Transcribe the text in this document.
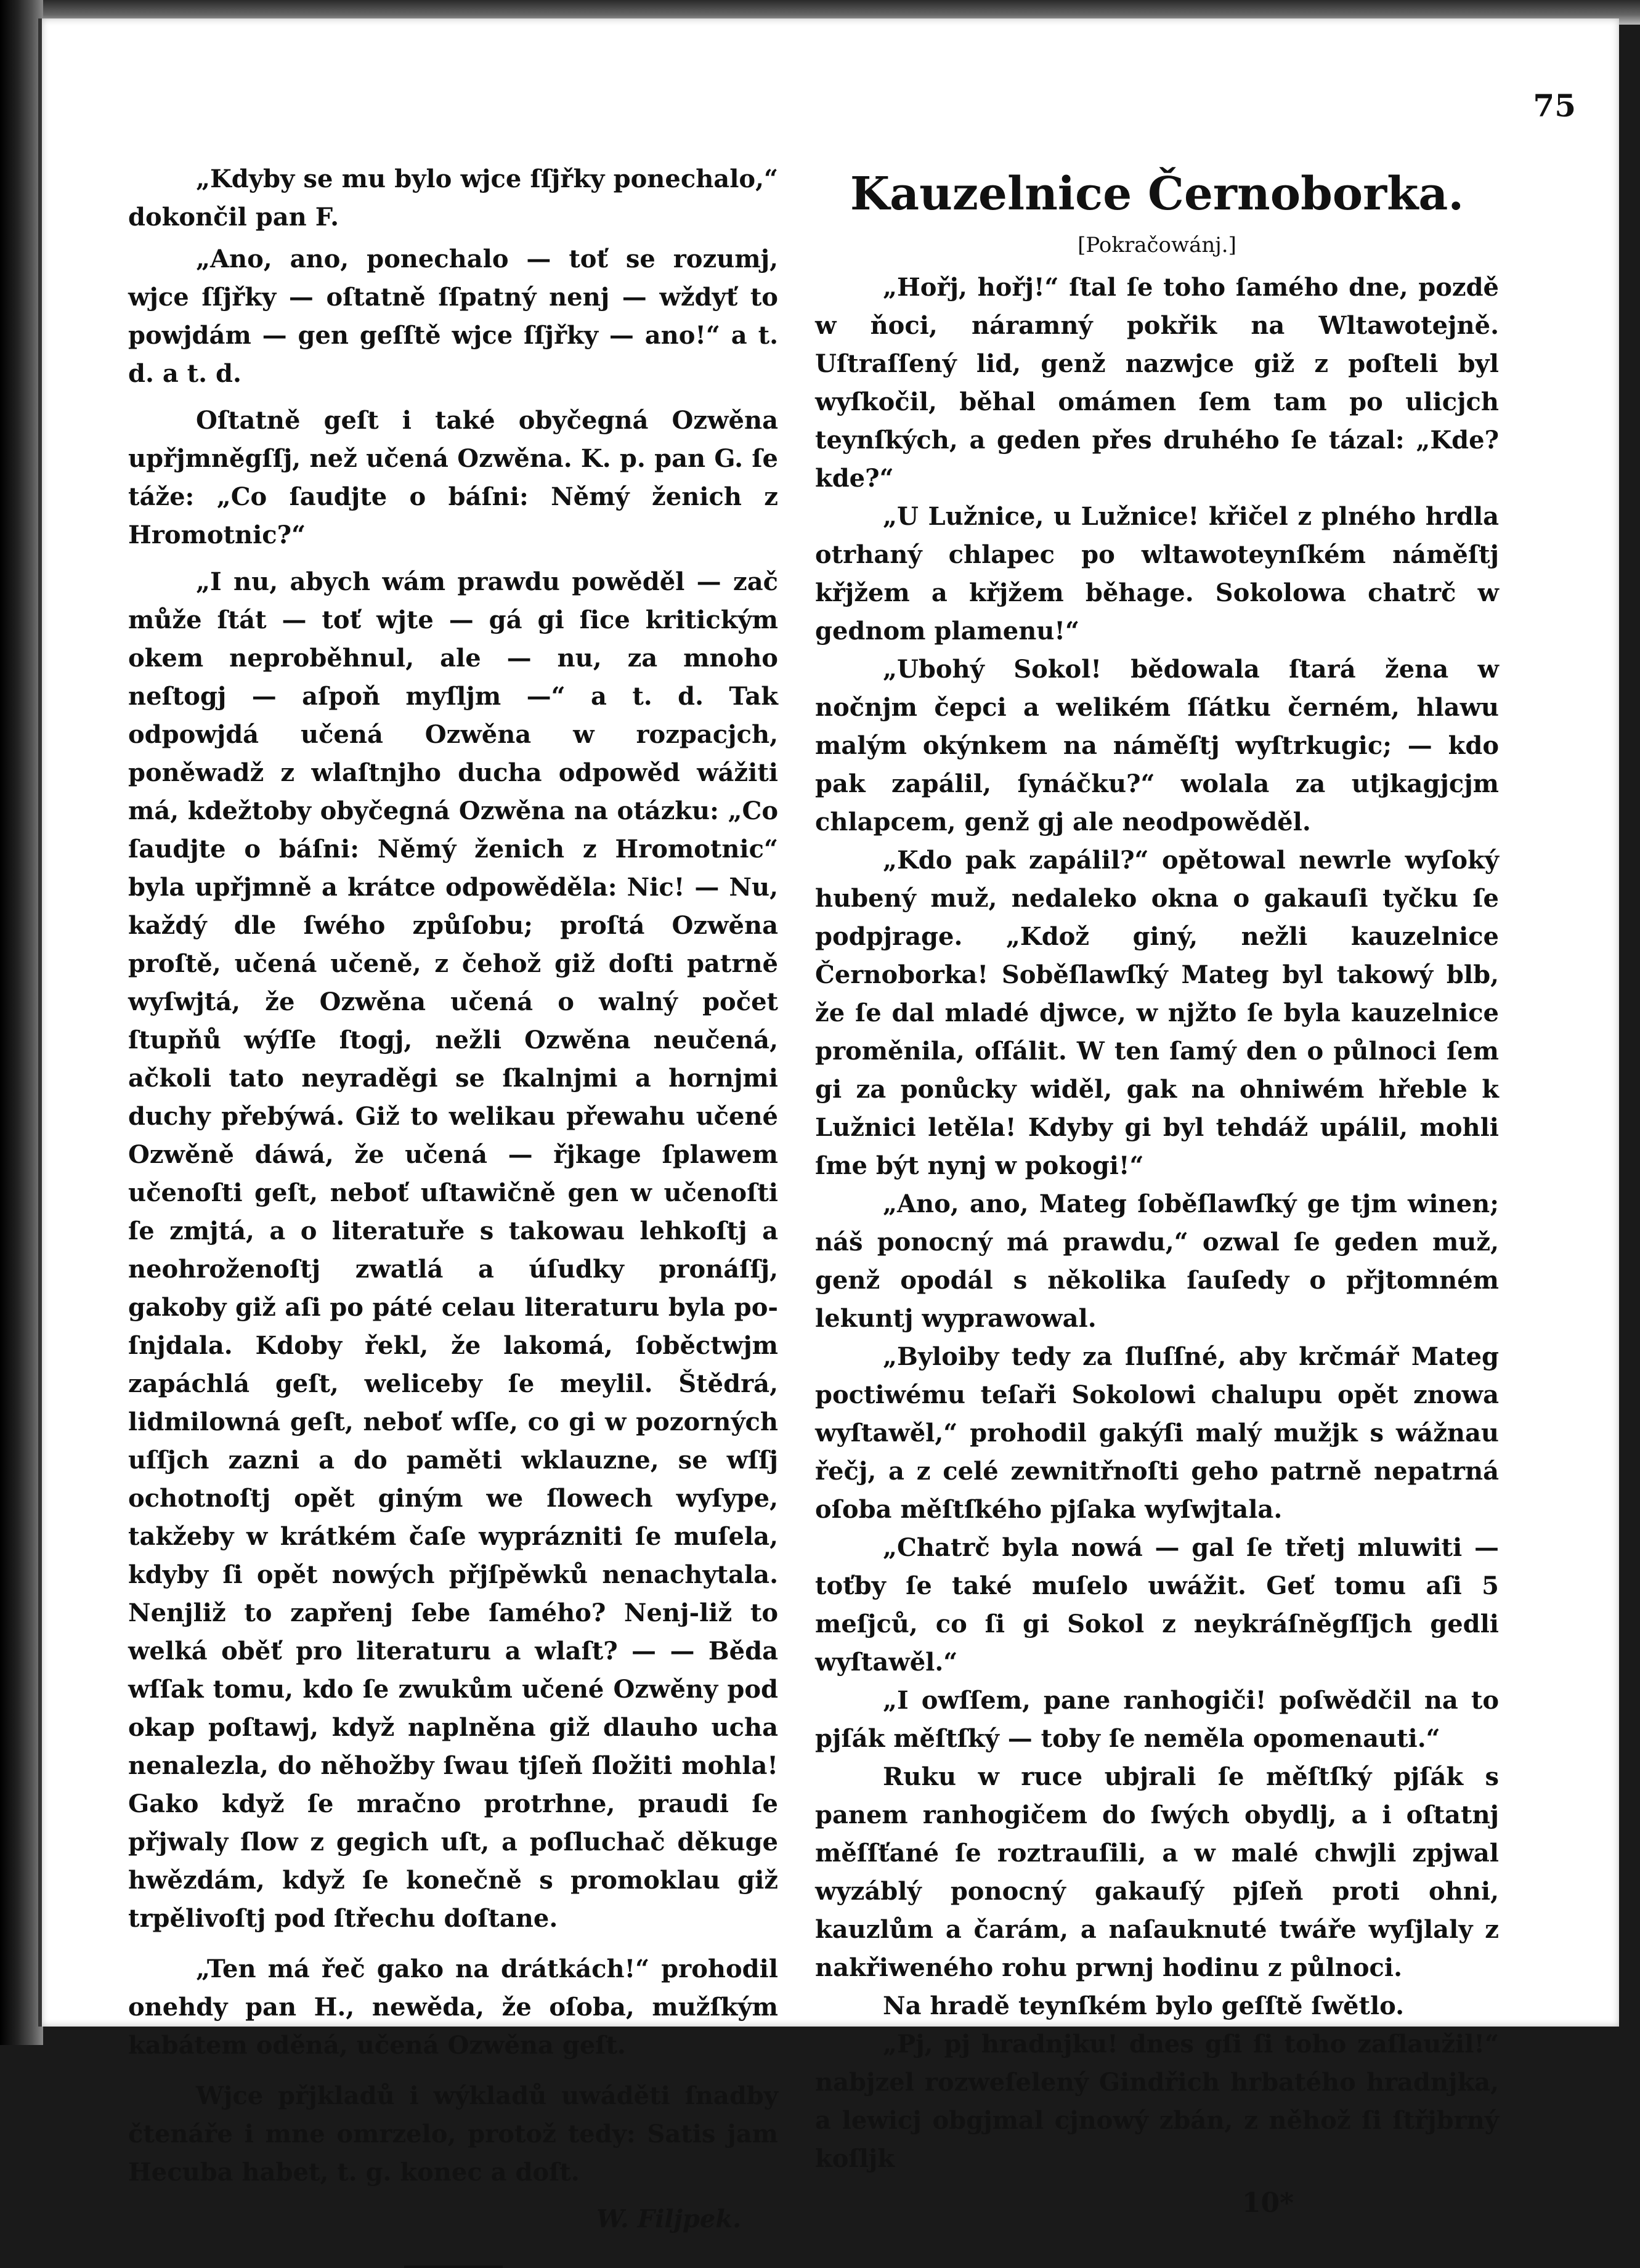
75

„Kdyby se mu bylo wjce ſſjřky ponechalo,“ dokončil pan F.

„Ano, ano, ponechalo — toť se rozumj, wjce ſſjřky — oſtatně ſſpatný nenj — wždyť to powjdám — gen geſſtě wjce ſſjřky — ano!“ a t. d. a t. d.

Oſtatně geſt i také obyčegná Ozwěna upřjmněgſſj, než učená Ozwěna. K. p. pan G. ſe táže: „Co ſaudjte o báſni: Němý ženich z Hromotnic?“

„I nu, abych wám prawdu powěděl — zač může ſtát — toť wjte — gá gi ſice kritickým okem neproběhnul, ale — nu, za mnoho neſtogj — aſpoň myſljm —“ a t. d. Tak odpowjdá učená Ozwěna w rozpacjch, poněwadž z wlaſtnjho ducha odpowěd wážiti má, kdežtoby obyčegná Ozwěna na otázku: „Co ſaudjte o báſni: Němý ženich z Hromotnic“ byla upřjmně a krátce odpowěděla: Nic! — Nu, každý dle ſwého způſobu; proſtá Ozwěna proſtě, učená učeně, z čehož giž doſti patrně wyſwjtá, že Ozwěna učená o walný počet ſtupňů wýſſe ſtogj, nežli Ozwěna neučená, ačkoli tato neyraděgi se ſkalnjmi a hornjmi duchy přebýwá. Giž to welikau přewahu učené Ozwěně dáwá, že učená — řjkage ſplawem učenoſti geſt, neboť uſtawičně gen w učenoſti ſe zmjtá, a o literatuře s takowau lehkoſtj a neohroženoſtj zwatlá a úſudky pronáſſj, gakoby giž aſi po páté celau literaturu byla poſnjdala. Kdoby řekl, že lakomá, ſoběctwjm zapáchlá geſt, weliceby ſe meylil. Štědrá, lidmilowná geſt, neboť wſſe, co gi w pozorných uſſjch zazni a do paměti wklauzne, se wſſj ochotnoſtj opět giným we ſlowech wyſype, takžeby w krátkém čaſe wyprázniti ſe muſela, kdyby ſi opět nowých přjſpěwků nenachytala. Nenjliž to zapřenj ſebe ſamého? Nenj-liž to welká oběť pro literaturu a wlaſt? — — Běda wſſak tomu, kdo ſe zwukům učené Ozwěny pod okap poſtawj, když naplněna giž dlauho ucha nenalezla, do něhožby ſwau tjſeň ſložiti mohla! Gako když ſe mračno protrhne, praudi ſe přjwaly ſlow z gegich uſt, a poſluchač děkuge hwězdám, když ſe konečně s promoklau giž trpělivoſtj pod ſtřechu doſtane.

„Ten má řeč gako na drátkách!“ prohodil onehdy pan H., newěda, že oſoba, mužſkým kabátem oděná, učená Ozwěna geſt.

Wjce přjkladů i wýkladů uwáděti ſnadby čtenáře i mne omrzelo, protož tedy: Satis jam Hecuba habet, t. g. konec a doſt.

W. Filjpek.
Kauzelnice Černoborka.
[Pokračowánj.]

„Hořj, hořj!“ ſtal ſe toho ſamého dne, pozdě w ňoci, náramný pokřik na Wltawotejně. Uſtraſſený lid, genž nazwjce giž z poſteli byl wyſkočil, běhal omámen ſem tam po ulicjch teynſkých, a geden přes druhého ſe tázal: „Kde? kde?“

„U Lužnice, u Lužnice! křičel z plného hrdla otrhaný chlapec po wltawoteynſkém náměſtj křjžem a křjžem běhage. Sokolowa chatrč w gednom plamenu!“

„Ubohý Sokol! bědowala ſtará žena w nočnjm čepci a welikém ſſátku černém, hlawu malým okýnkem na náměſtj wyſtrkugic; — kdo pak zapálil, ſynáčku?“ wolala za utjkagjcjm chlapcem, genž gj ale neodpowěděl.

„Kdo pak zapálil?“ opětowal newrle wyſoký hubený muž, nedaleko okna o gakauſi tyčku ſe podpjrage. „Kdož giný, nežli kauzelnice Černoborka! Soběſlawſký Mateg byl takowý blb, že ſe dal mladé djwce, w njžto ſe byla kauzelnice proměnila, oſſálit. W ten ſamý den o půlnoci ſem gi za ponůcky widěl, gak na ohniwém hřeble k Lužnici letěla! Kdyby gi byl tehdáž upálil, mohli ſme být nynj w pokogi!“

„Ano, ano, Mateg ſoběſlawſký ge tjm winen; náš ponocný má prawdu,“ ozwal ſe geden muž, genž opodál s několika ſauſedy o přjtomném lekuntj wyprawowal.

„Byloiby tedy za ſluſſné, aby krčmář Mateg poctiwému teſaři Sokolowi chalupu opět znowa wyſtawěl,“ prohodil gakýſi malý mužjk s wážnau řečj, a z celé zewnitřnoſti geho patrně nepatrná oſoba měſtſkého pjſaka wyſwjtala.

„Chatrč byla nowá — gal ſe třetj mluwiti — toťby ſe také muſelo uwážit. Geť tomu aſi 5 meſjců, co ſi gi Sokol z neykráſněgſſjch gedli wyſtawěl.“

„I owſſem, pane ranhogiči! poſwědčil na to pjſák měſtſký — toby ſe neměla opomenauti.“

Ruku w ruce ubjrali ſe měſtſký pjſák s panem ranhogičem do ſwých obydlj, a i oſtatnj měſſťané ſe roztrauſili, a w malé chwjli zpjwal wyzáblý ponocný gakauſý pjſeň proti ohni, kauzlům a čarám, a naſauknuté twáře wyſjlaly z nakřiweného rohu prwnj hodinu z půlnoci.

Na hradě teynſkém bylo geſſtě ſwětlo.

„Pj, pj hradnjku! dnes gſi ſi toho zaſlaužil!“ nabjzel rozweſelený Gindřich hrbatého hradnjka, a lewicj obgjmal cjnowý zbán, z něhož ſi ſtřjbrný koſljk

10*
